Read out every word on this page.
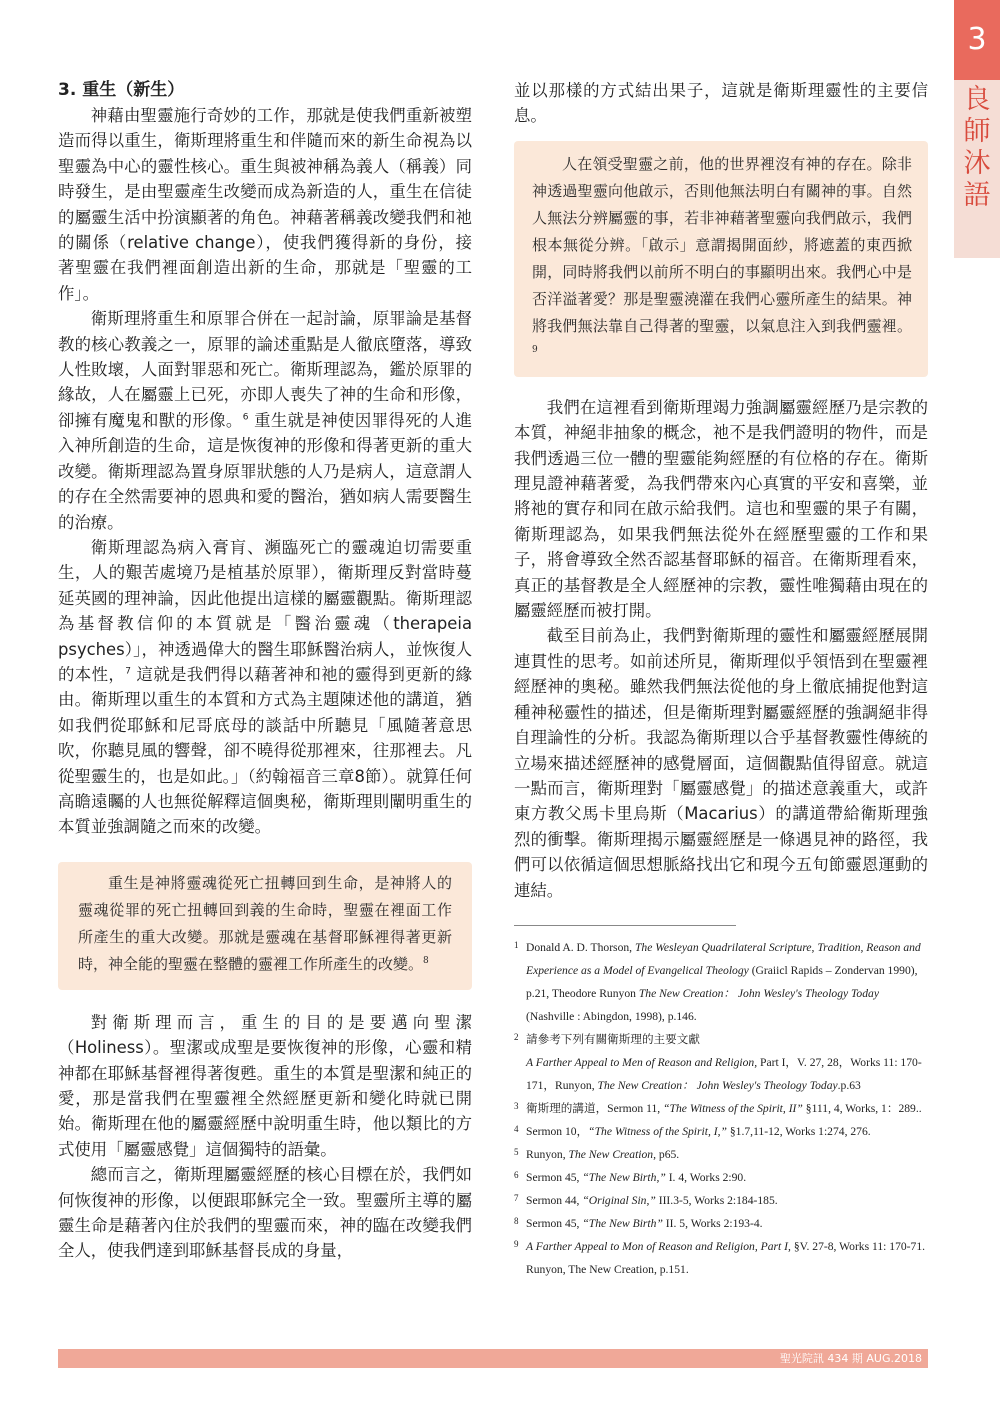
3
良
師
沐
語

3. 重生（新生）

神藉由聖靈施行奇妙的工作，那就是使我們重新被塑造而得以重生，衛斯理將重生和伴隨而來的新生命視為以聖靈為中心的靈性核心。重生與被神稱為義人（稱義）同時發生，是由聖靈產生改變而成為新造的人，重生在信徒的屬靈生活中扮演顯著的角色。神藉著稱義改變我們和祂的關係（relative change），使我們獲得新的身份，接著聖靈在我們裡面創造出新的生命，那就是「聖靈的工作」。

衛斯理將重生和原罪合併在一起討論，原罪論是基督教的核心教義之一，原罪的論述重點是人徹底墮落，導致人性敗壞，人面對罪惡和死亡。衛斯理認為，鑑於原罪的緣故，人在屬靈上已死，亦即人喪失了神的生命和形像，卻擁有魔鬼和獸的形像。$^6$ 重生就是神使因罪得死的人進入神所創造的生命，這是恢復神的形像和得著更新的重大改變。衛斯理認為置身原罪狀態的人乃是病人，這意謂人的存在全然需要神的恩典和愛的醫治，猶如病人需要醫生的治療。

衛斯理認為病入膏肓、瀕臨死亡的靈魂迫切需要重生，人的艱苦處境乃是植基於原罪），衛斯理反對當時蔓延英國的理神論，因此他提出這樣的屬靈觀點。衛斯理認為基督教信仰的本質就是「醫治靈魂（therapeia psyches）」，神透過偉大的醫生耶穌醫治病人，並恢復人的本性，$^7$ 這就是我們得以藉著神和祂的靈得到更新的緣由。衛斯理以重生的本質和方式為主題陳述他的講道，猶如我們從耶穌和尼哥底母的談話中所聽見「風隨著意思吹，你聽見風的響聲，卻不曉得從那裡來，往那裡去。凡從聖靈生的，也是如此。」（約翰福音三章8節）。就算任何高瞻遠矚的人也無從解釋這個奧秘，衛斯理則闡明重生的本質並強調隨之而來的改變。

重生是神將靈魂從死亡扭轉回到生命，是神將人的靈魂從罪的死亡扭轉回到義的生命時，聖靈在裡面工作所產生的重大改變。那就是靈魂在基督耶穌裡得著更新時，神全能的聖靈在整體的靈裡工作所產生的改變。$^8$

對衛斯理而言，重生的目的是要邁向聖潔（Holiness）。聖潔或成聖是要恢復神的形像，心靈和精神都在耶穌基督裡得著復甦。重生的本質是聖潔和純正的愛，那是當我們在聖靈裡全然經歷更新和變化時就已開始。衛斯理在他的屬靈經歷中說明重生時，他以類比的方式使用「屬靈感覺」這個獨特的語彙。

總而言之，衛斯理屬靈經歷的核心目標在於，我們如何恢復神的形像，以便跟耶穌完全一致。聖靈所主導的屬靈生命是藉著內住於我們的聖靈而來，神的臨在改變我們全人，使我們達到耶穌基督長成的身量，

並以那樣的方式結出果子，這就是衛斯理靈性的主要信息。

人在領受聖靈之前，他的世界裡沒有神的存在。除非神透過聖靈向他啟示，否則他無法明白有關神的事。自然人無法分辨屬靈的事，若非神藉著聖靈向我們啟示，我們根本無從分辨。「啟示」意謂揭開面紗，將遮蓋的東西掀開，同時將我們以前所不明白的事顯明出來。我們心中是否洋溢著愛？那是聖靈澆灌在我們心靈所產生的結果。神將我們無法靠自己得著的聖靈，以氣息注入到我們靈裡。$^9$

我們在這裡看到衛斯理竭力強調屬靈經歷乃是宗教的本質，神絕非抽象的概念，祂不是我們證明的物件，而是我們透過三位一體的聖靈能夠經歷的有位格的存在。衛斯理見證神藉著愛，為我們帶來內心真實的平安和喜樂，並將祂的實存和同在啟示給我們。這也和聖靈的果子有關，衛斯理認為，如果我們無法從外在經歷聖靈的工作和果子，將會導致全然否認基督耶穌的福音。在衛斯理看來，真正的基督教是全人經歷神的宗教，靈性唯獨藉由現在的屬靈經歷而被打開。

截至目前為止，我們對衛斯理的靈性和屬靈經歷展開連貫性的思考。如前述所見，衛斯理似乎領悟到在聖靈裡經歷神的奧秘。雖然我們無法從他的身上徹底捕捉他對這種神秘靈性的描述，但是衛斯理對屬靈經歷的強調絕非得自理論性的分析。我認為衛斯理以合乎基督教靈性傳統的立場來描述經歷神的感覺層面，這個觀點值得留意。就這一點而言，衛斯理對「屬靈感覺」的描述意義重大，或許東方教父馬卡里烏斯（Macarius）的講道帶給衛斯理強烈的衝擊。衛斯理揭示屬靈經歷是一條遇見神的路徑，我們可以依循這個思想脈絡找出它和現今五旬節靈恩運動的連結。

1 Donald A. D. Thorson, The Wesleyan Quadrilateral Scripture, Tradition, Reason and Experience as a Model of Evangelical Theology (Graiicl Rapids – Zondervan 1990), p.21, Theodore Runyon The New Creation： John Wesley's Theology Today (Nashville : Abingdon, 1998), p.146.
2 請參考下列有關衛斯理的主要文獻
A Farther Appeal to Men of Reason and Religion, Part I，V. 27, 28，Works 11: 170-171，Runyon, The New Creation： John Wesley's Theology Today.p.63
3 衛斯理的講道，Sermon 11, “The Witness of the Spirit, II” §111, 4, Works, 1：289..
4 Sermon 10，“The Witness of the Spirit, I,” §1.7,11-12, Works 1:274, 276.
5 Runyon, The New Creation, p65.
6 Sermon 45, “The New Birth,” I. 4, Works 2:90.
7 Sermon 44, “Original Sin,” III.3-5, Works 2:184-185.
8 Sermon 45, “The New Birth” II. 5, Works 2:193-4.
9 A Farther Appeal to Mon of Reason and Religion, Part I, §V. 27-8, Works 11: 170-71. Runyon, The New Creation, p.151.
聖光院訊 434 期 AUG.2018
